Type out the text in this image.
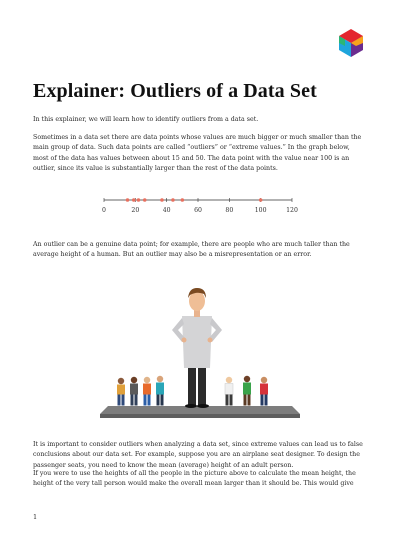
Explainer: Outliers of a Data Set

In this explainer, we will learn how to identify outliers from a data set.

Sometimes in a data set there are data points whose values are much bigger or much smaller than the main group of data. Such data points are called “outliers” or “extreme values.” In the graph below, most of the data has values between about 15 and 50. The data point with the value near 100 is an outlier, since its value is substantially larger than the rest of the data points.

0	20	40	60	80	100	120

An outlier can be a genuine data point; for example, there are people who are much taller than the average height of a human. But an outlier may also be a misrepresentation or an error.

It is important to consider outliers when analyzing a data set, since extreme values can lead us to false conclusions about our data set. For example, suppose you are an airplane seat designer. To design the passenger seats, you need to know the mean (average) height of an adult person.

If you were to use the heights of all the people in the picture above to calculate the mean height, the height of the very tall person would make the overall mean larger than it should be. This would give

1
